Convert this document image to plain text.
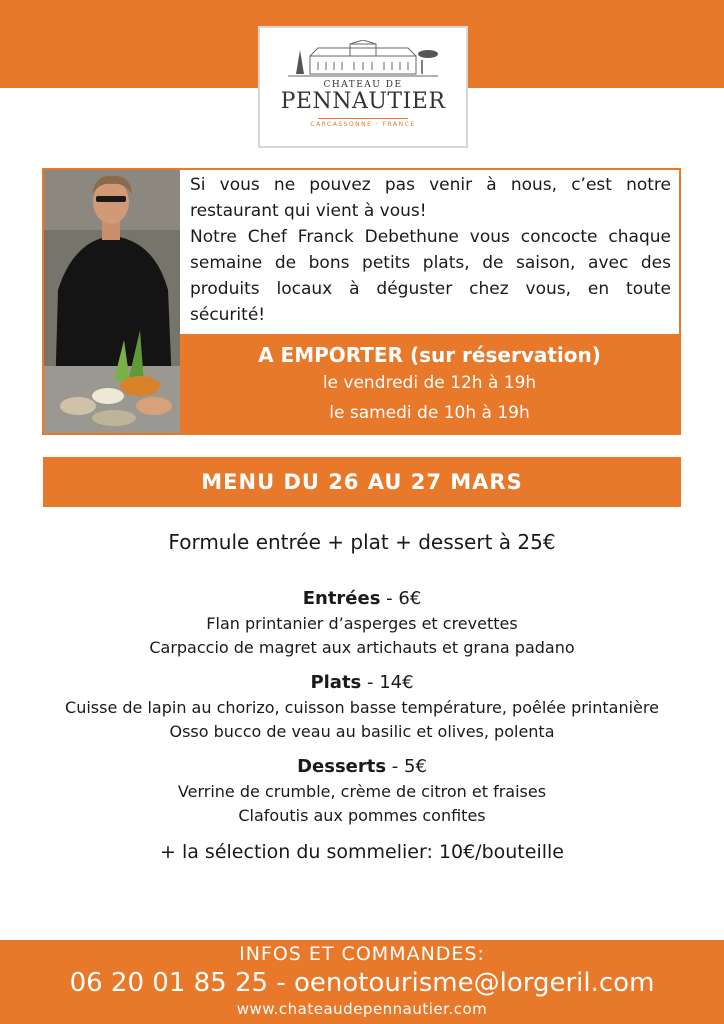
CHATEAU DE
PENNAUTIER
CARCASSONNE · FRANCE

Si vous ne pouvez pas venir à nous, c’est notre restaurant qui vient à vous!

Notre Chef Franck Debethune vous concocte chaque semaine de bons petits plats, de saison, avec des produits locaux à déguster chez vous, en toute sécurité!

A EMPORTER (sur réservation)
le vendredi de 12h à 19h
le samedi de 10h à 19h
MENU DU 26 AU 27 MARS
Formule entrée + plat + dessert à 25€
Entrées - 6€
Flan printanier d’asperges et crevettes
Carpaccio de magret aux artichauts et grana padano
Plats - 14€
Cuisse de lapin au chorizo, cuisson basse température, poêlée printanière
Osso bucco de veau au basilic et olives, polenta
Desserts - 5€
Verrine de crumble, crème de citron et fraises
Clafoutis aux pommes confites
+ la sélection du sommelier: 10€/bouteille
INFOS ET COMMANDES:
06 20 01 85 25 - oenotourisme@lorgeril.com
www.chateaudepennautier.com
